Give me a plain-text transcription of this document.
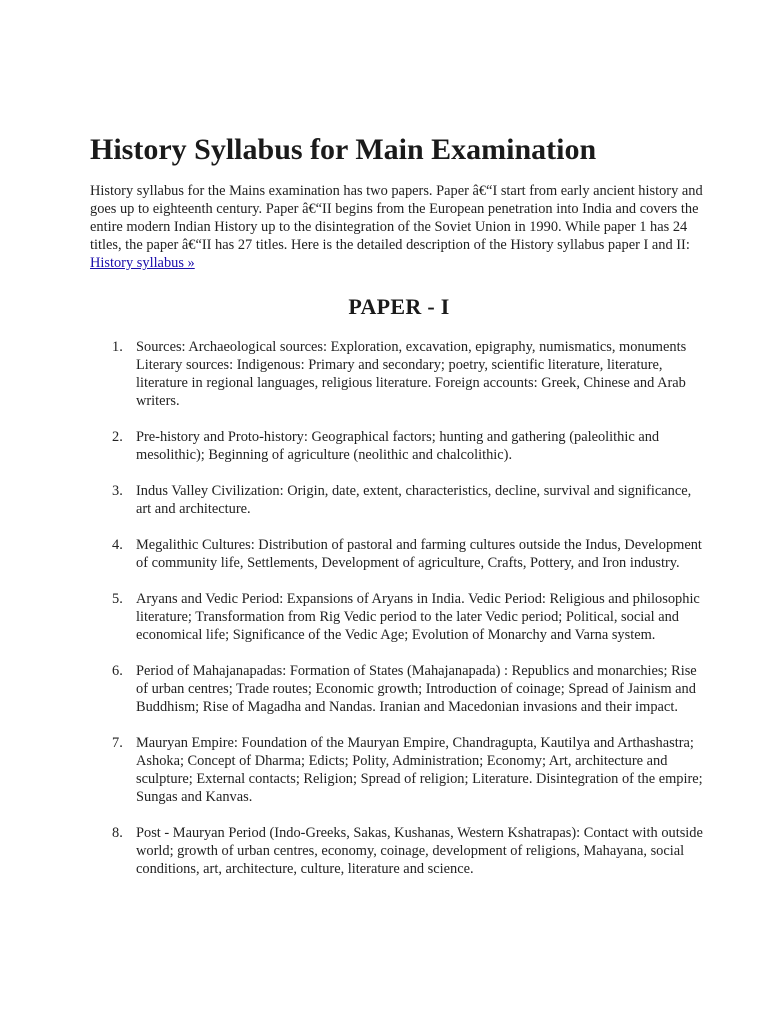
History Syllabus for Main Examination

History syllabus for the Mains examination has two papers. Paper â€“I start from early ancient history and goes up to eighteenth century. Paper â€“II begins from the European penetration into India and covers the entire modern Indian History up to the disintegration of the Soviet Union in 1990. While paper 1 has 24 titles, the paper â€“II has 27 titles. Here is the detailed description of the History syllabus paper I and II: History syllabus »

PAPER - I
1. Sources: Archaeological sources: Exploration, excavation, epigraphy, numismatics, monuments Literary sources: Indigenous: Primary and secondary; poetry, scientific literature, literature, literature in regional languages, religious literature. Foreign accounts: Greek, Chinese and Arab writers.
2. Pre-history and Proto-history: Geographical factors; hunting and gathering (paleolithic and mesolithic); Beginning of agriculture (neolithic and chalcolithic).
3. Indus Valley Civilization: Origin, date, extent, characteristics, decline, survival and significance, art and architecture.
4. Megalithic Cultures: Distribution of pastoral and farming cultures outside the Indus, Development of community life, Settlements, Development of agriculture, Crafts, Pottery, and Iron industry.
5. Aryans and Vedic Period: Expansions of Aryans in India. Vedic Period: Religious and philosophic literature; Transformation from Rig Vedic period to the later Vedic period; Political, social and economical life; Significance of the Vedic Age; Evolution of Monarchy and Varna system.
6. Period of Mahajanapadas: Formation of States (Mahajanapada) : Republics and monarchies; Rise of urban centres; Trade routes; Economic growth; Introduction of coinage; Spread of Jainism and Buddhism; Rise of Magadha and Nandas. Iranian and Macedonian invasions and their impact.
7. Mauryan Empire: Foundation of the Mauryan Empire, Chandragupta, Kautilya and Arthashastra; Ashoka; Concept of Dharma; Edicts; Polity, Administration; Economy; Art, architecture and sculpture; External contacts; Religion; Spread of religion; Literature. Disintegration of the empire; Sungas and Kanvas.
8. Post - Mauryan Period (Indo-Greeks, Sakas, Kushanas, Western Kshatrapas): Contact with outside world; growth of urban centres, economy, coinage, development of religions, Mahayana, social conditions, art, architecture, culture, literature and science.
